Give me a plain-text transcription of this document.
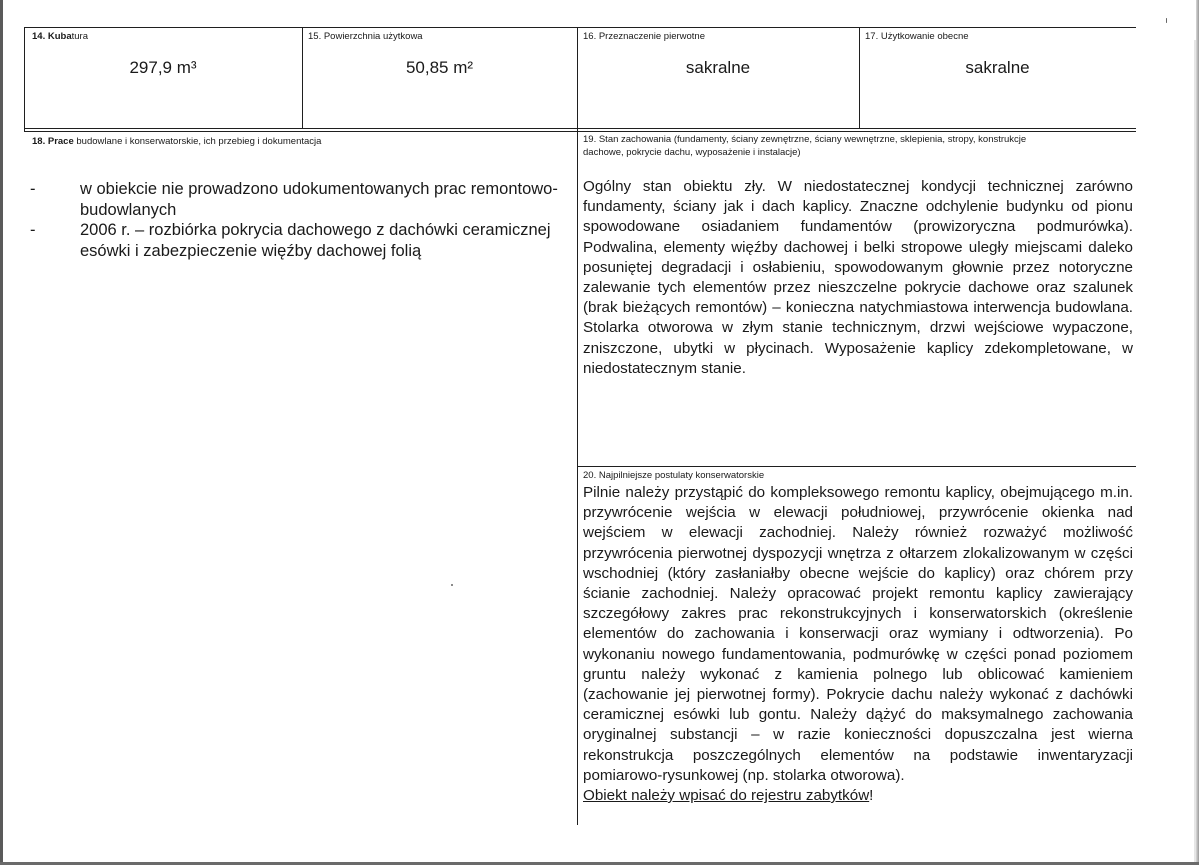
14. Kubatura
297,9 m³
15. Powierzchnia użytkowa
50,85 m²
16. Przeznaczenie pierwotne
sakralne
17. Użytkowanie obecne
sakralne
18. Prace budowlane i konserwatorskie, ich przebieg i dokumentacja
-	w obiekcie nie prowadzono udokumentowanych prac remontowo-budowlanych
-	2006 r. – rozbiórka pokrycia dachowego z dachówki ceramicznej esówki i zabezpieczenie więźby dachowej folią
19. Stan zachowania (fundamenty, ściany zewnętrzne, ściany wewnętrzne, sklepienia, stropy, konstrukcje
dachowe, pokrycie dachu, wyposażenie i instalacje)
Ogólny stan obiektu zły. W niedostatecznej kondycji technicznej zarówno fundamenty, ściany jak i dach kaplicy. Znaczne odchylenie budynku od pionu spowodowane osiadaniem fundamentów (prowizoryczna podmurówka). Podwalina, elementy więźby dachowej i belki stropowe uległy miejscami daleko posuniętej degradacji i osłabieniu, spowodowanym głownie przez notoryczne zalewanie tych elementów przez nieszczelne pokrycie dachowe oraz szalunek (brak bieżących remontów) – konieczna natychmiastowa interwencja budowlana. Stolarka otworowa w złym stanie technicznym, drzwi wejściowe wypaczone, zniszczone, ubytki w płycinach. Wyposażenie kaplicy zdekompletowane, w niedostatecznym stanie.
20. Najpilniejsze postulaty konserwatorskie
Pilnie należy przystąpić do kompleksowego remontu kaplicy, obejmującego m.in. przywrócenie wejścia w elewacji południowej, przywrócenie okienka nad wejściem w elewacji zachodniej. Należy również rozważyć możliwość przywrócenia pierwotnej dyspozycji wnętrza z ołtarzem zlokalizowanym w części wschodniej (który zasłaniałby obecne wejście do kaplicy) oraz chórem przy ścianie zachodniej. Należy opracować projekt remontu kaplicy zawierający szczegółowy zakres prac rekonstrukcyjnych i konserwatorskich (określenie elementów do zachowania i konserwacji oraz wymiany i odtworzenia). Po wykonaniu nowego fundamentowania, podmurówkę w części ponad poziomem gruntu należy wykonać z kamienia polnego lub oblicować kamieniem (zachowanie jej pierwotnej formy). Pokrycie dachu należy wykonać z dachówki ceramicznej esówki lub gontu. Należy dążyć do maksymalnego zachowania oryginalnej substancji – w razie konieczności dopuszczalna jest wierna rekonstrukcja poszczególnych elementów na podstawie inwentaryzacji pomiarowo-rysunkowej (np. stolarka otworowa).
Obiekt należy wpisać do rejestru zabytków!
